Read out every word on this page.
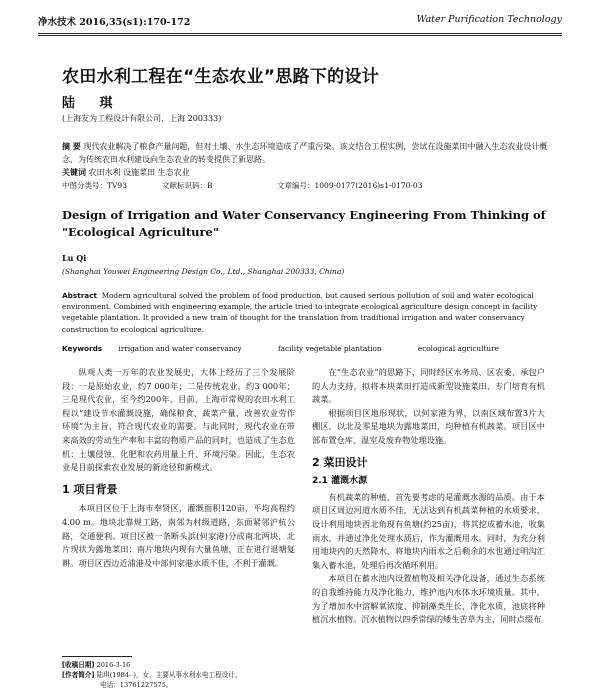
净水技术 2016,35(s1):170-172	Water Purification Technology
农田水利工程在“生态农业”思路下的设计
陆 琪
(上海友为工程设计有限公司，上海 200333)
摘 要 现代农业解决了粮食产量问题，但对土壤、水生态环境造成了严重污染。该文结合工程实例，尝试在设施菜田中融入生态农业设计概念，为传统农田水利建设向生态农业的转变提供了新思路。
关键词 农田水利 设施菜田 生态农业
中图分类号：TV93	文献标识码：B	文章编号：1009-0177(2016)s1-0170-03
Design of Irrigation and Water Conservancy Engineering From Thinking of "Ecological Agriculture"
Lu Qi
(Shanghai Youwei Engineering Design Co., Ltd., Shanghai 200333, China)
Abstract Modern agricultural solved the problem of food production, but caused serious pollution of soil and water ecological environment. Combined with engineering example, the article tried to integrate ecological agriculture design concept in facility vegetable plantation. It provided a new train of thought for the translation from traditional irrigation and water conservancy construction to ecological agriculture.
Keywords irrigation and water conservancy	facility vegetable plantation	ecological agriculture

纵观人类一万年的农业发展史，大体上经历了三个发展阶段：一是原始农业，约7 000年；二是传统农业，约3 000年；三是现代农业，至今约200年。目前，上海市常规的农田水利工程以“建设节水灌溉设施，确保粮食、蔬菜产量，改善农业劳作环境”为主旨，符合现代农业的需要。与此同时，现代农业在带来高效的劳动生产率和丰富的物质产品的同时，也造成了生态危机：土壤侵蚀、化肥和农药用量上升、环境污染。因此，生态农业是目前探索农业发展的新途径和新模式。

1 项目背景

本项目区位于上海市奉贤区，灌溉面积120亩，平均高程约4.00 m。地块北靠规工路，南邻为村级道路，东面紧邻沪杭公路，交通便利。项目区被一条断头浜(何家港)分成南北两块，北片现状为露地菜田；南片地块内现有大量鱼塘，正在进行退塘复耕。项目区西边近浦港及中部何家港水质不佳，不利于灌溉。

在“生态农业”的思路下，同时经区水务局、区农委、承包户的人力支持，拟将本块菜田打造成新型设施菜田，专门培育有机蔬菜。

根据项目区地形现状，以何家港为界，以南区域布置3片大棚区，以北及零星地块为露地菜田，均种植有机蔬菜。项目区中部布置仓库、温室及废弃物处理设施。

2 菜田设计
2.1 灌溉水源

有机蔬菜的种植，首先要考虑的是灌溉水源的品质。由于本项目区周边河道水质不佳，无法达到有机蔬菜种植的水质要求，设计利用地块西北角现有鱼塘(约25亩)，将其挖成蓄水池，收集雨水，并通过净化处理水质后，作为灌溉用水。同时，为充分利用地块内的天然降水，将地块内雨水之后剩余的水也通过明沟汇集入蓄水池，处理后再次循环利用。

本项目在蓄水池内设置植物及相关净化设备，通过生态系统的自我维持能力及净化能力，维护池内水体水环境质量。其中，为了增加水中溶解氧浓度、抑制藻类生长、净化水质，池底将种植沉水植物。沉水植物以四季常绿的矮生苦草为主，同时点缀布

[收稿日期] 2016-3-16
[作者简介] 陆琪(1984- )，女，主要从事水利水电工程设计。
电话：13761227575。
